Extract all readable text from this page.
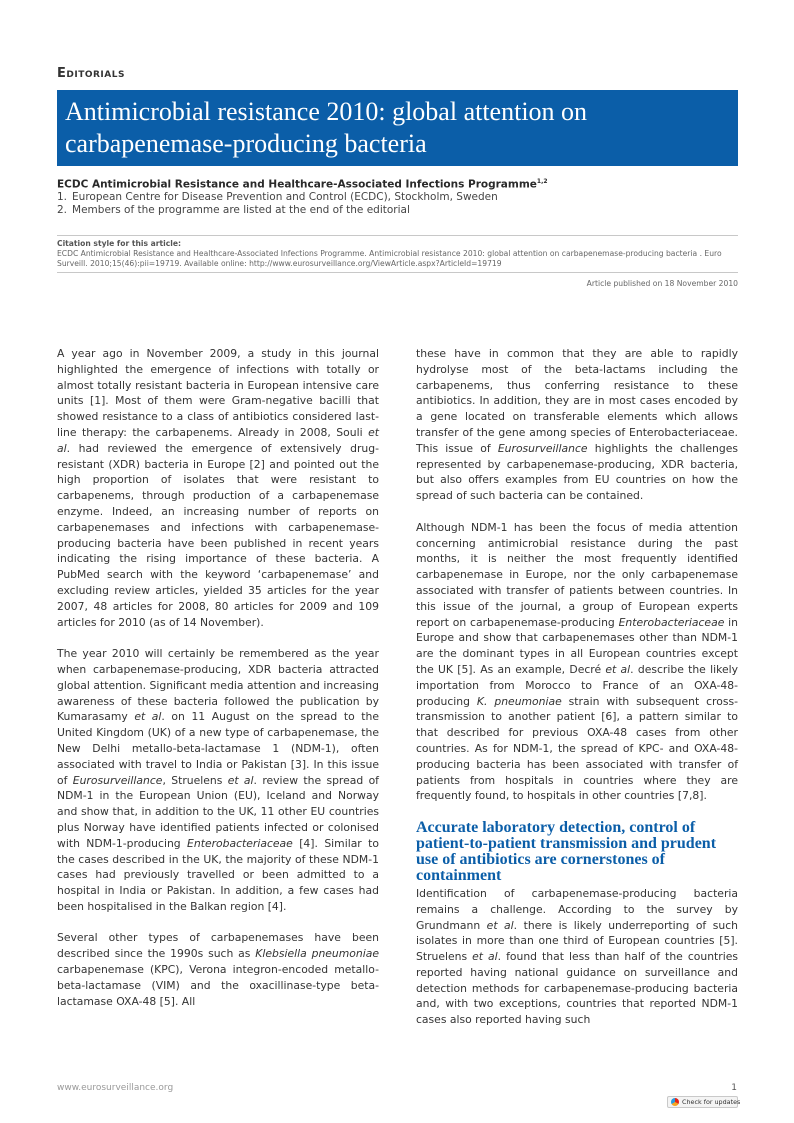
Editorials
Antimicrobial resistance 2010: global attention on
carbapenemase-producing bacteria
ECDC Antimicrobial Resistance and Healthcare-Associated Infections Programme$^{1,2}$
1. European Centre for Disease Prevention and Control (ECDC), Stockholm, Sweden
2. Members of the programme are listed at the end of the editorial
Citation style for this article:
ECDC Antimicrobial Resistance and Healthcare-Associated Infections Programme. Antimicrobial resistance 2010: global attention on carbapenemase-producing bacteria . Euro Surveill. 2010;15(46):pii=19719. Available online: http://www.eurosurveillance.org/ViewArticle.aspx?ArticleId=19719
Article published on 18 November 2010

A year ago in November 2009, a study in this journal highlighted the emergence of infections with totally or almost totally resistant bacteria in European intensive care units [1]. Most of them were Gram-negative bacilli that showed resistance to a class of antibiotics considered last-line therapy: the carbapenems. Already in 2008, Souli et al. had reviewed the emergence of extensively drug-resistant (XDR) bacteria in Europe [2] and pointed out the high proportion of isolates that were resistant to carbapenems, through production of a carbapenemase enzyme. Indeed, an increasing number of reports on carbapenemases and infections with carbapenemase-producing bacteria have been published in recent years indicating the rising importance of these bacteria. A PubMed search with the keyword ‘carbapenemase’ and excluding review articles, yielded 35 articles for the year 2007, 48 articles for 2008, 80 articles for 2009 and 109 articles for 2010 (as of 14 November).

The year 2010 will certainly be remembered as the year when carbapenemase-producing, XDR bacteria attracted global attention. Significant media attention and increasing awareness of these bacteria followed the publication by Kumarasamy et al. on 11 August on the spread to the United Kingdom (UK) of a new type of carbapenemase, the New Delhi metallo-beta-lactamase 1 (NDM-1), often associated with travel to India or Pakistan [3]. In this issue of Eurosurveillance, Struelens et al. review the spread of NDM-1 in the European Union (EU), Iceland and Norway and show that, in addition to the UK, 11 other EU countries plus Norway have identified patients infected or colonised with NDM-1-producing Enterobacteriaceae [4]. Similar to the cases described in the UK, the majority of these NDM-1 cases had previously travelled or been admitted to a hospital in India or Pakistan. In addition, a few cases had been hospitalised in the Balkan region [4].

Several other types of carbapenemases have been described since the 1990s such as Klebsiella pneumoniae carbapenemase (KPC), Verona integron-encoded metallo-beta-lactamase (VIM) and the oxacillinase-type beta-lactamase OXA-48 [5]. All

these have in common that they are able to rapidly hydrolyse most of the beta-lactams including the carbapenems, thus conferring resistance to these antibiotics. In addition, they are in most cases encoded by a gene located on transferable elements which allows transfer of the gene among species of Enterobacteriaceae. This issue of Eurosurveillance highlights the challenges represented by carbapenemase-producing, XDR bacteria, but also offers examples from EU countries on how the spread of such bacteria can be contained.

Although NDM-1 has been the focus of media attention concerning antimicrobial resistance during the past months, it is neither the most frequently identified carbapenemase in Europe, nor the only carbapenemase associated with transfer of patients between countries. In this issue of the journal, a group of European experts report on carbapenemase-producing Enterobacteriaceae in Europe and show that carbapenemases other than NDM-1 are the dominant types in all European countries except the UK [5]. As an example, Decré et al. describe the likely importation from Morocco to France of an OXA-48-producing K. pneumoniae strain with subsequent cross-transmission to another patient [6], a pattern similar to that described for previous OXA-48 cases from other countries. As for NDM-1, the spread of KPC- and OXA-48-producing bacteria has been associated with transfer of patients from hospitals in countries where they are frequently found, to hospitals in other countries [7,8].

Accurate laboratory detection, control of patient-to-patient transmission and prudent use of antibiotics are cornerstones of containment

Identification of carbapenemase-producing bacteria remains a challenge. According to the survey by Grundmann et al. there is likely underreporting of such isolates in more than one third of European countries [5]. Struelens et al. found that less than half of the countries reported having national guidance on surveillance and detection methods for carbapenemase-producing bacteria and, with two exceptions, countries that reported NDM-1 cases also reported having such

www.eurosurveillance.org	1
Check for updates
